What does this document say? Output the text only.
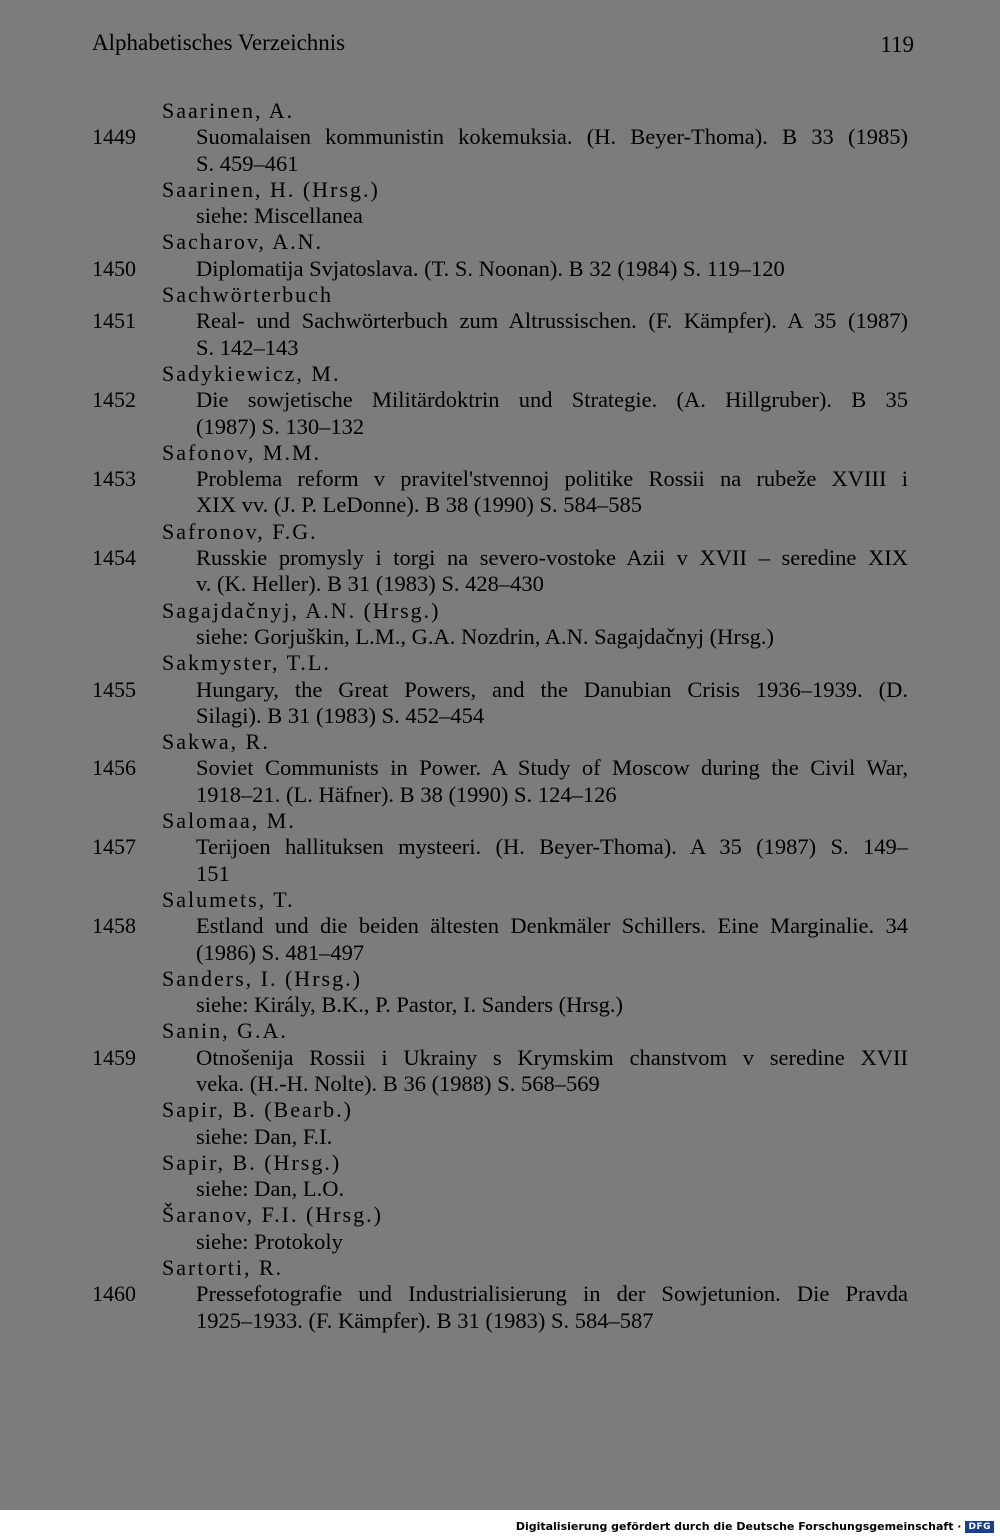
Alphabetisches Verzeichnis	119
Saarinen, A.
1449	Suomalaisen kommunistin kokemuksia. (H. Beyer-Thoma). B 33 (1985)
S. 459–461
Saarinen, H. (Hrsg.)
siehe: Miscellanea
Sacharov, A.N.
1450	Diplomatija Svjatoslava. (T. S. Noonan). B 32 (1984) S. 119–120
Sachwörterbuch
1451	Real- und Sachwörterbuch zum Altrussischen. (F. Kämpfer). A 35 (1987)
S. 142–143
Sadykiewicz, M.
1452	Die sowjetische Militärdoktrin und Strategie. (A. Hillgruber). B 35
(1987) S. 130–132
Safonov, M.M.
1453	Problema reform v pravitel'stvennoj politike Rossii na rubeže XVIII i
XIX vv. (J. P. LeDonne). B 38 (1990) S. 584–585
Safronov, F.G.
1454	Russkie promysly i torgi na severo-vostoke Azii v XVII – seredine XIX
v. (K. Heller). B 31 (1983) S. 428–430
Sagajdačnyj, A.N. (Hrsg.)
siehe: Gorjuškin, L.M., G.A. Nozdrin, A.N. Sagajdačnyj (Hrsg.)
Sakmyster, T.L.
1455	Hungary, the Great Powers, and the Danubian Crisis 1936–1939. (D.
Silagi). B 31 (1983) S. 452–454
Sakwa, R.
1456	Soviet Communists in Power. A Study of Moscow during the Civil War,
1918–21. (L. Häfner). B 38 (1990) S. 124–126
Salomaa, M.
1457	Terijoen hallituksen mysteeri. (H. Beyer-Thoma). A 35 (1987) S. 149–
151
Salumets, T.
1458	Estland und die beiden ältesten Denkmäler Schillers. Eine Marginalie. 34
(1986) S. 481–497
Sanders, I. (Hrsg.)
siehe: Király, B.K., P. Pastor, I. Sanders (Hrsg.)
Sanin, G.A.
1459	Otnošenija Rossii i Ukrainy s Krymskim chanstvom v seredine XVII
veka. (H.-H. Nolte). B 36 (1988) S. 568–569
Sapir, B. (Bearb.)
siehe: Dan, F.I.
Sapir, B. (Hrsg.)
siehe: Dan, L.O.
Šaranov, F.I. (Hrsg.)
siehe: Protokoly
Sartorti, R.
1460	Pressefotografie und Industrialisierung in der Sowjetunion. Die Pravda
1925–1933. (F. Kämpfer). B 31 (1983) S. 584–587
Digitalisierung gefördert durch die Deutsche Forschungsgemeinschaft · DFG
